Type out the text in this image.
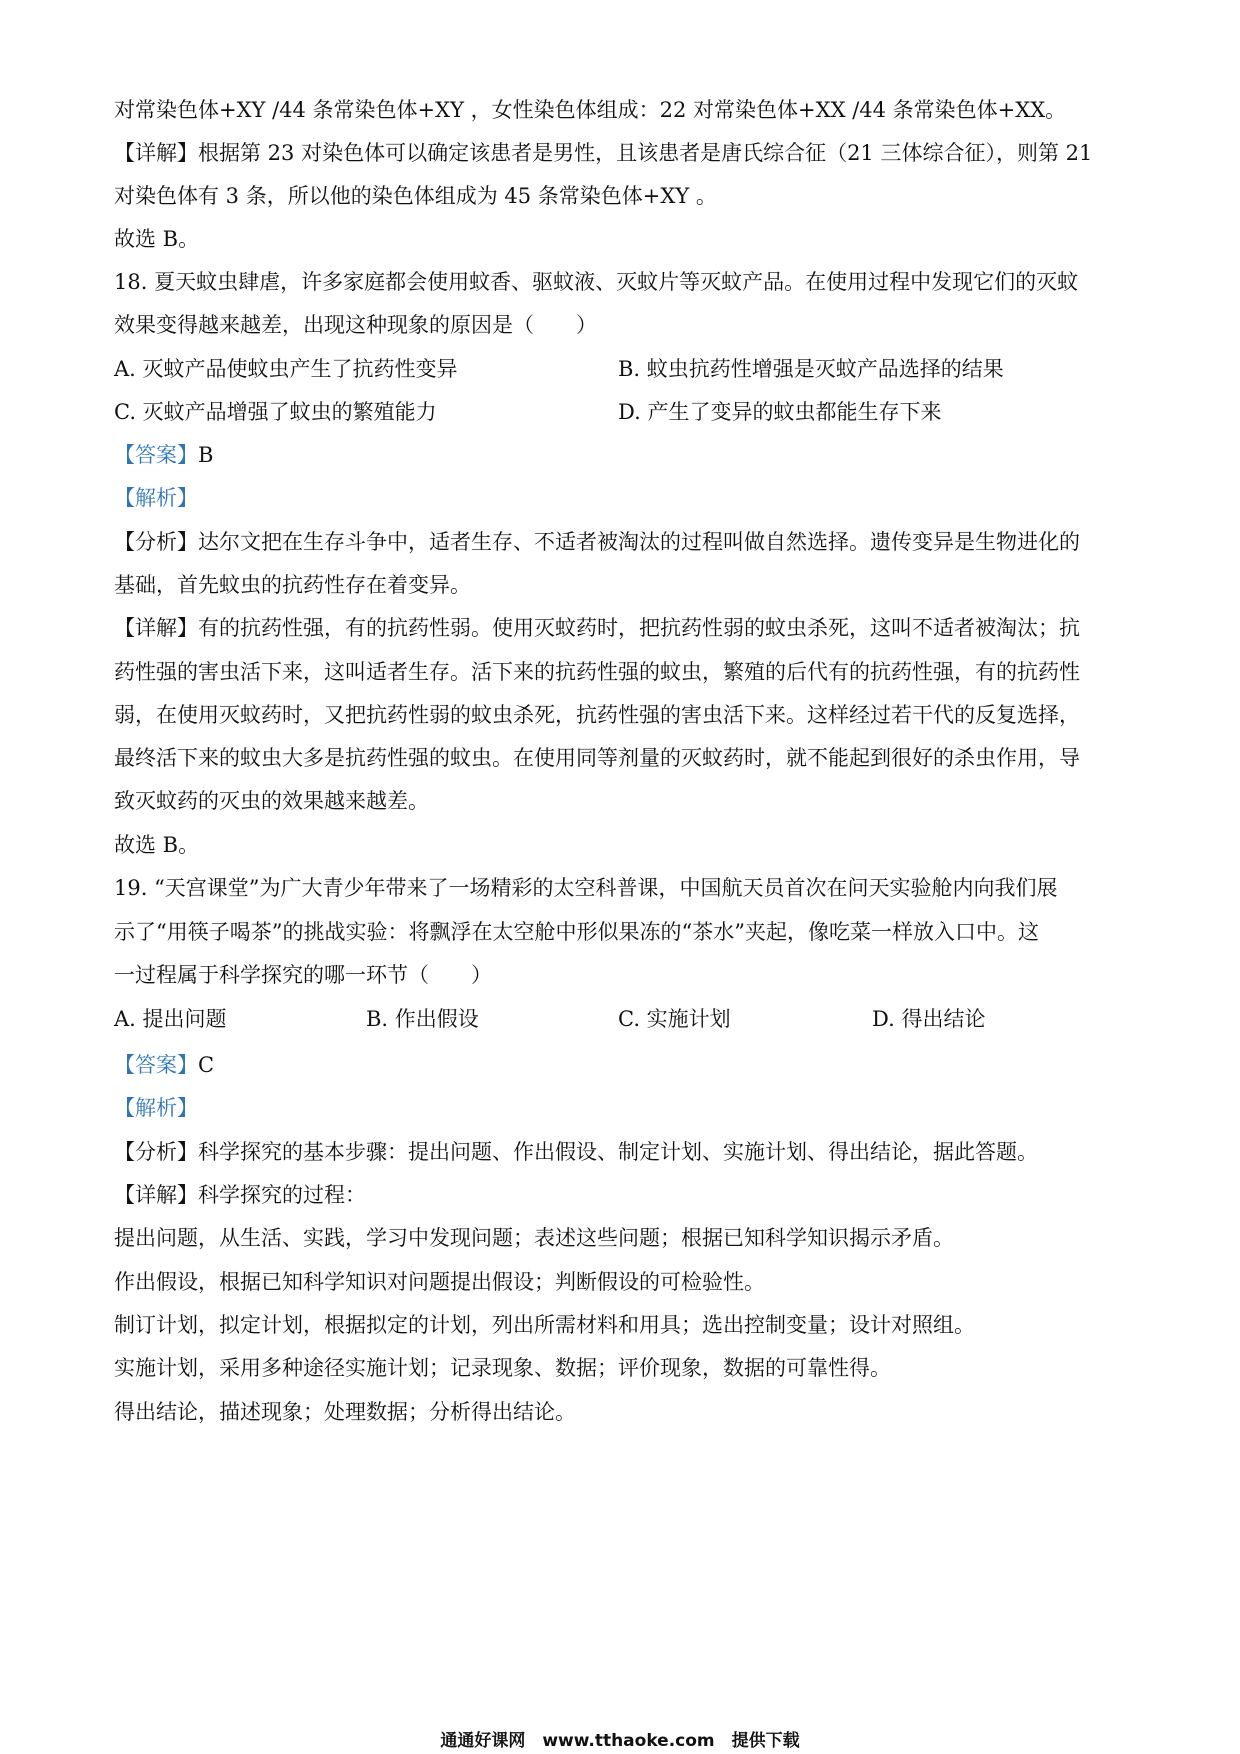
对常染色体+XY /44 条常染色体+XY ，女性染色体组成：22 对常染色体+XX /44 条常染色体+XX。
【详解】根据第 23 对染色体可以确定该患者是男性，且该患者是唐氏综合征（21 三体综合征），则第 21
对染色体有 3 条，所以他的染色体组成为 45 条常染色体+XY 。
故选 B。
18. 夏天蚊虫肆虐，许多家庭都会使用蚊香、驱蚊液、灭蚊片等灭蚊产品。在使用过程中发现它们的灭蚊
效果变得越来越差，出现这种现象的原因是（　　）
A. 灭蚊产品使蚊虫产生了抗药性变异	B. 蚊虫抗药性增强是灭蚊产品选择的结果
C. 灭蚊产品增强了蚊虫的繁殖能力	D. 产生了变异的蚊虫都能生存下来
【答案】B
【解析】
【分析】达尔文把在生存斗争中，适者生存、不适者被淘汰的过程叫做自然选择。遗传变异是生物进化的
基础，首先蚊虫的抗药性存在着变异。
【详解】有的抗药性强，有的抗药性弱。使用灭蚊药时，把抗药性弱的蚊虫杀死，这叫不适者被淘汰；抗
药性强的害虫活下来，这叫适者生存。活下来的抗药性强的蚊虫，繁殖的后代有的抗药性强，有的抗药性
弱，在使用灭蚊药时，又把抗药性弱的蚊虫杀死，抗药性强的害虫活下来。这样经过若干代的反复选择，
最终活下来的蚊虫大多是抗药性强的蚊虫。在使用同等剂量的灭蚊药时，就不能起到很好的杀虫作用，导
致灭蚊药的灭虫的效果越来越差。
故选 B。
19. “天宫课堂”为广大青少年带来了一场精彩的太空科普课，中国航天员首次在问天实验舱内向我们展
示了“用筷子喝茶”的挑战实验：将飘浮在太空舱中形似果冻的“茶水”夹起，像吃菜一样放入口中。这
一过程属于科学探究的哪一环节（　　）
A. 提出问题	B. 作出假设	C. 实施计划	D. 得出结论
【答案】C
【解析】
【分析】科学探究的基本步骤：提出问题、作出假设、制定计划、实施计划、得出结论，据此答题。
【详解】科学探究的过程：
提出问题，从生活、实践，学习中发现问题；表述这些问题；根据已知科学知识揭示矛盾。
作出假设，根据已知科学知识对问题提出假设；判断假设的可检验性。
制订计划，拟定计划，根据拟定的计划，列出所需材料和用具；选出控制变量；设计对照组。
实施计划，采用多种途径实施计划；记录现象、数据；评价现象，数据的可靠性得。
得出结论，描述现象；处理数据；分析得出结论。
通通好课网　www.tthaoke.com　提供下载
